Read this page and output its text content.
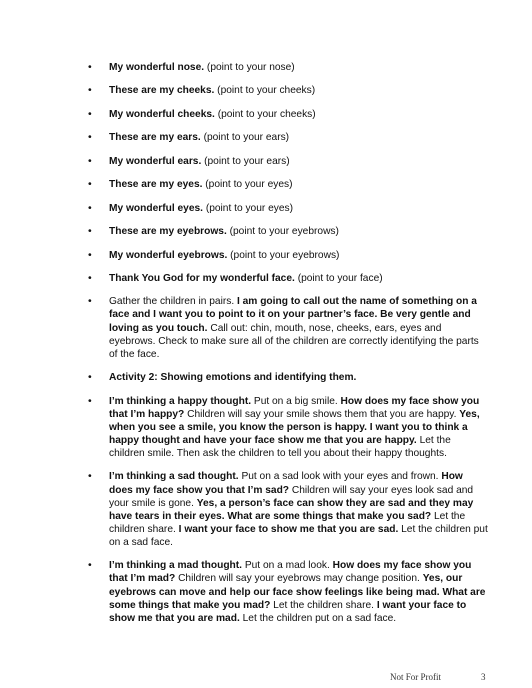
• My wonderful nose. (point to your nose)
• These are my cheeks. (point to your cheeks)
• My wonderful cheeks. (point to your cheeks)
• These are my ears. (point to your ears)
• My wonderful ears. (point to your ears)
• These are my eyes. (point to your eyes)
• My wonderful eyes. (point to your eyes)
• These are my eyebrows. (point to your eyebrows)
• My wonderful eyebrows. (point to your eyebrows)
• Thank You God for my wonderful face. (point to your face)
• Gather the children in pairs. I am going to call out the name of something on a face and I want you to point to it on your partner’s face. Be very gentle and loving as you touch. Call out: chin, mouth, nose, cheeks, ears, eyes and eyebrows. Check to make sure all of the children are correctly identifying the parts of the face.
• Activity 2: Showing emotions and identifying them.
• I’m thinking a happy thought. Put on a big smile. How does my face show you that I’m happy? Children will say your smile shows them that you are happy. Yes, when you see a smile, you know the person is happy. I want you to think a happy thought and have your face show me that you are happy. Let the children smile. Then ask the children to tell you about their happy thoughts.
• I’m thinking a sad thought. Put on a sad look with your eyes and frown. How does my face show you that I’m sad? Children will say your eyes look sad and your smile is gone. Yes, a person’s face can show they are sad and they may have tears in their eyes. What are some things that make you sad? Let the children share. I want your face to show me that you are sad. Let the children put on a sad face.
• I’m thinking a mad thought. Put on a mad look. How does my face show you that I’m mad? Children will say your eyebrows may change position. Yes, our eyebrows can move and help our face show feelings like being mad. What are some things that make you mad? Let the children share. I want your face to show me that you are mad. Let the children put on a sad face.
Not For Profit	3
